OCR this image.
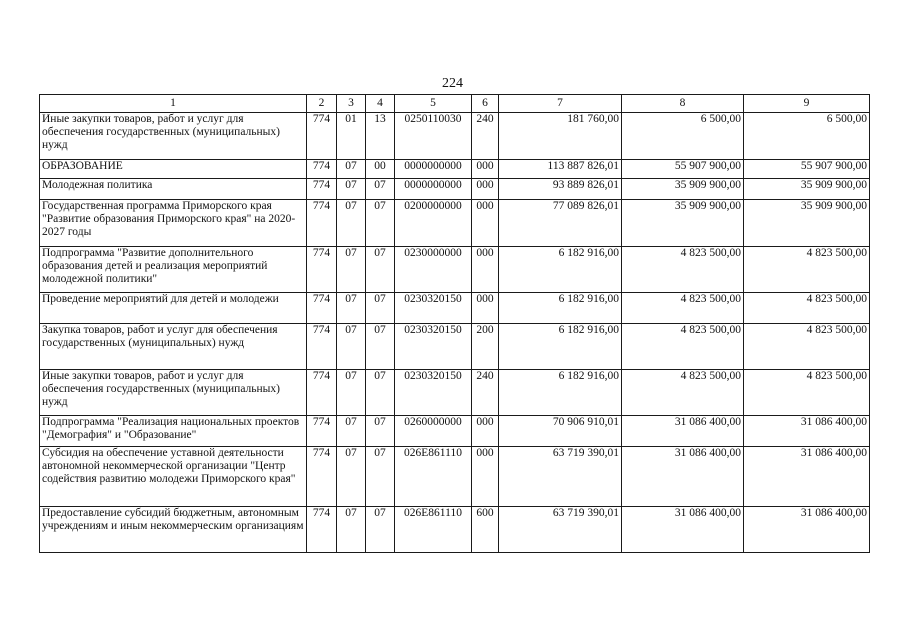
224
1	2	3	4	5	6	7	8	9
Иные закупки товаров, работ и услуг для обеспечения государственных (муниципальных) нужд	774	01	13	0250110030	240	181 760,00	6 500,00	6 500,00
ОБРАЗОВАНИЕ	774	07	00	0000000000	000	113 887 826,01	55 907 900,00	55 907 900,00
Молодежная политика	774	07	07	0000000000	000	93 889 826,01	35 909 900,00	35 909 900,00
Государственная программа Приморского края "Развитие образования Приморского края" на 2020-2027 годы	774	07	07	0200000000	000	77 089 826,01	35 909 900,00	35 909 900,00
Подпрограмма "Развитие дополнительного образования детей и реализация мероприятий молодежной политики"	774	07	07	0230000000	000	6 182 916,00	4 823 500,00	4 823 500,00
Проведение мероприятий для детей и молодежи	774	07	07	0230320150	000	6 182 916,00	4 823 500,00	4 823 500,00
Закупка товаров, работ и услуг для обеспечения государственных (муниципальных) нужд	774	07	07	0230320150	200	6 182 916,00	4 823 500,00	4 823 500,00
Иные закупки товаров, работ и услуг для обеспечения государственных (муниципальных) нужд	774	07	07	0230320150	240	6 182 916,00	4 823 500,00	4 823 500,00
Подпрограмма "Реализация национальных проектов "Демография" и "Образование"	774	07	07	0260000000	000	70 906 910,01	31 086 400,00	31 086 400,00
Субсидия на обеспечение уставной деятельности автономной некоммерческой организации "Центр содействия развитию молодежи Приморского края"	774	07	07	026E861110	000	63 719 390,01	31 086 400,00	31 086 400,00
Предоставление субсидий бюджетным, автономным учреждениям и иным некоммерческим организациям	774	07	07	026E861110	600	63 719 390,01	31 086 400,00	31 086 400,00
